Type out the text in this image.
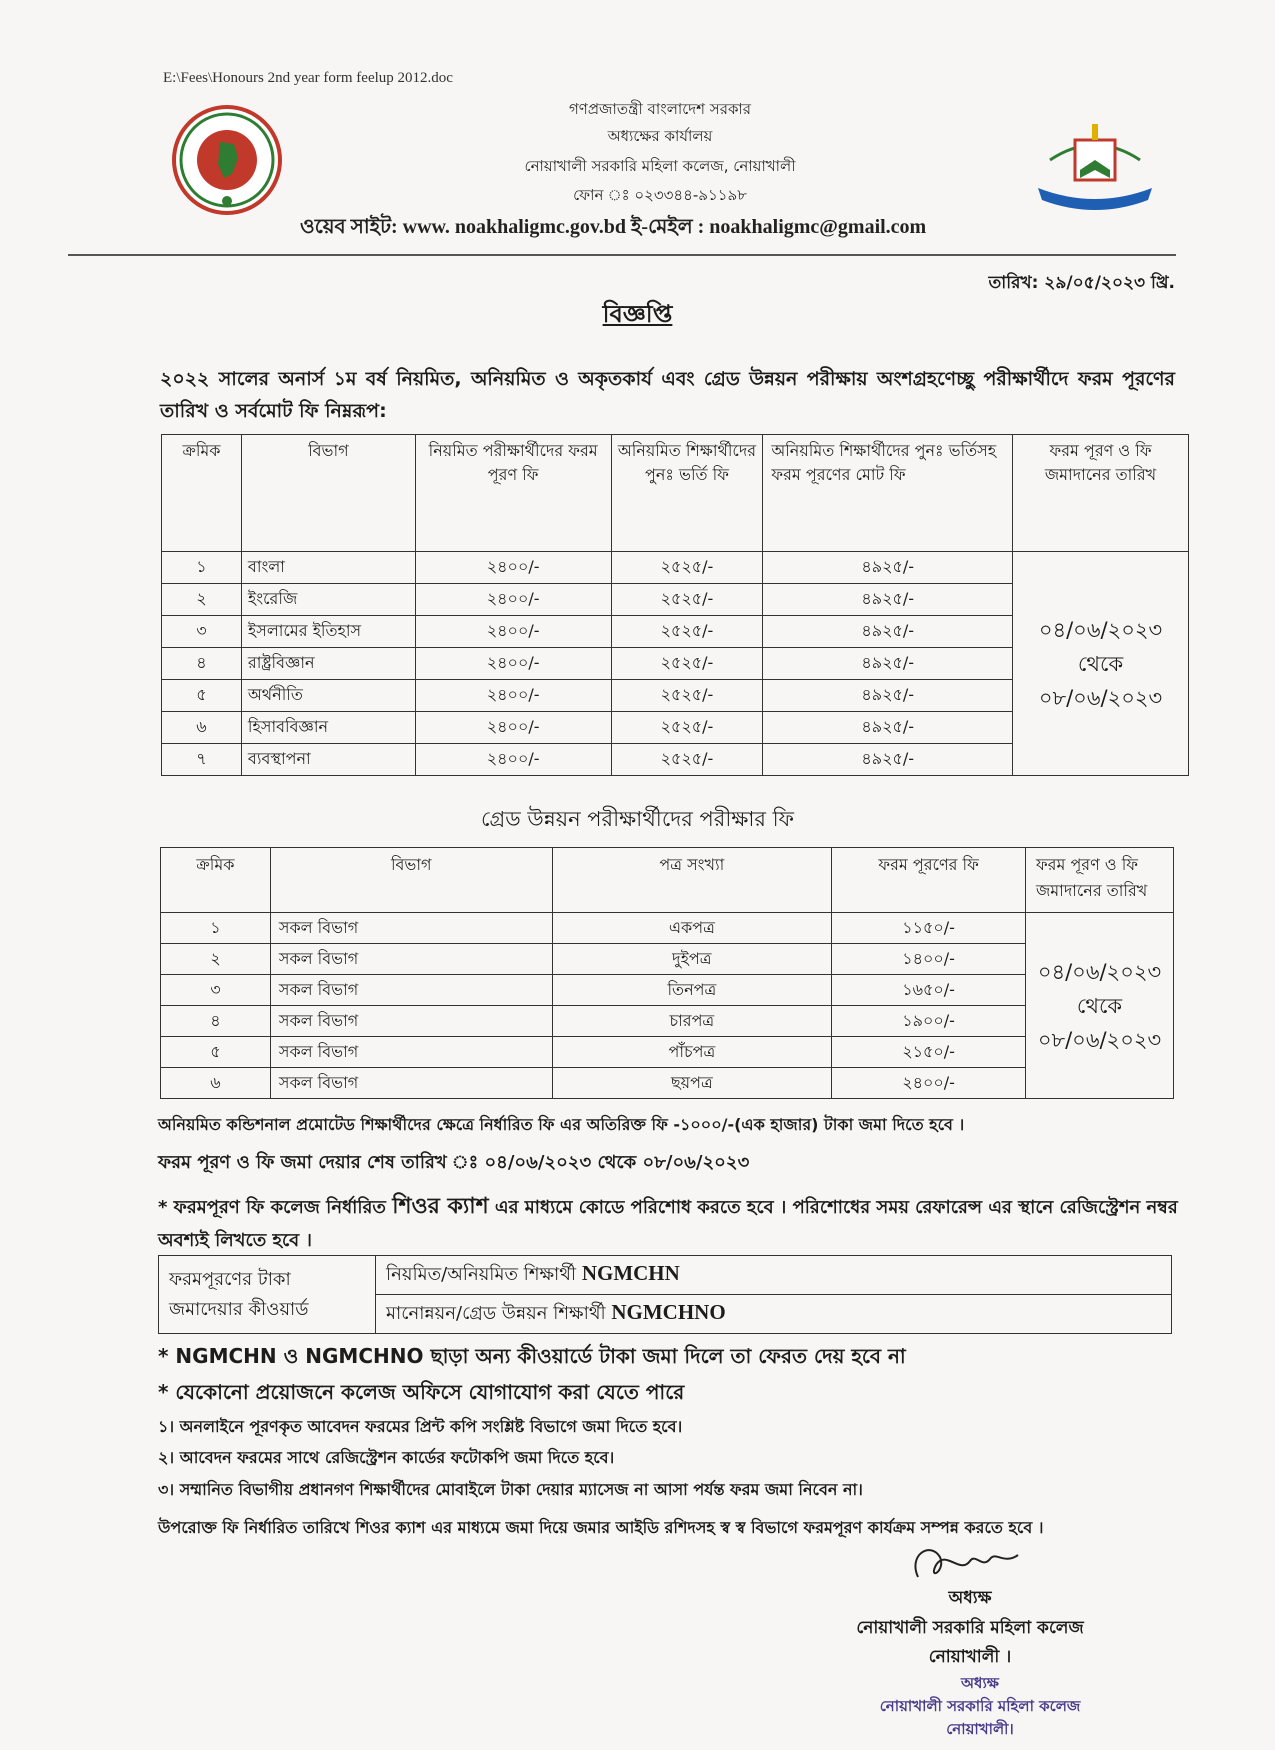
E:\Fees\Honours 2nd year form feelup 2012.doc
গণপ্রজাতন্ত্রী বাংলাদেশ সরকার
অধ্যক্ষের কার্যালয়
নোয়াখালী সরকারি মহিলা কলেজ, নোয়াখালী
ফোন ঃ ০২৩৩৪৪-৯১১৯৮
ওয়েব সাইট: www. noakhaligmc.gov.bd ই-মেইল : noakhaligmc@gmail.com
তারিখ: ২৯/০৫/২০২৩ খ্রি.
বিজ্ঞপ্তি
২০২২ সালের অনার্স ১ম বর্ষ নিয়মিত, অনিয়মিত ও অকৃতকার্য এবং গ্রেড উন্নয়ন পরীক্ষায় অংশগ্রহণেচ্ছু পরীক্ষার্থীদে ফরম পূরণের তারিখ ও সর্বমোট ফি নিম্নরূপ:
ক্রমিক	বিভাগ	নিয়মিত পরীক্ষার্থীদের ফরম পূরণ ফি	অনিয়মিত শিক্ষার্থীদের পুনঃ ভর্তি ফি	অনিয়মিত শিক্ষার্থীদের পুনঃ ভর্তিসহ ফরম পূরণের মোট ফি	ফরম পূরণ ও ফি জমাদানের তারিখ
১	বাংলা	২৪০০/-	২৫২৫/-	৪৯২৫/-	০৪/০৬/২০২৩
থেকে
০৮/০৬/২০২৩

২	ইংরেজি	২৪০০/-	২৫২৫/-	৪৯২৫/-	
৩	ইসলামের ইতিহাস	২৪০০/-	২৫২৫/-	৪৯২৫/-	
৪	রাষ্ট্রবিজ্ঞান	২৪০০/-	২৫২৫/-	৪৯২৫/-	
৫	অর্থনীতি	২৪০০/-	২৫২৫/-	৪৯২৫/-	
৬	হিসাববিজ্ঞান	২৪০০/-	২৫২৫/-	৪৯২৫/-	
৭	ব্যবস্থাপনা	২৪০০/-	২৫২৫/-	৪৯২৫/-	
গ্রেড উন্নয়ন পরীক্ষার্থীদের পরীক্ষার ফি
ক্রমিক	বিভাগ	পত্র সংখ্যা	ফরম পূরণের ফি	ফরম পূরণ ও ফি জমাদানের তারিখ
১	সকল বিভাগ	একপত্র	১১৫০/-	০৪/০৬/২০২৩
থেকে
০৮/০৬/২০২৩

২	সকল বিভাগ	দুইপত্র	১৪০০/-	
৩	সকল বিভাগ	তিনপত্র	১৬৫০/-	
৪	সকল বিভাগ	চারপত্র	১৯০০/-	
৫	সকল বিভাগ	পাঁচপত্র	২১৫০/-	
৬	সকল বিভাগ	ছয়পত্র	২৪০০/-	
অনিয়মিত কন্ডিশনাল প্রমোটেড শিক্ষার্থীদের ক্ষেত্রে নির্ধারিত ফি এর অতিরিক্ত ফি -১০০০/-(এক হাজার) টাকা জমা দিতে হবে ।
ফরম পূরণ ও ফি জমা দেয়ার শেষ তারিখ ঃ ০৪/০৬/২০২৩ থেকে ০৮/০৬/২০২৩
* ফরমপূরণ ফি কলেজ নির্ধারিত শিওর ক্যাশ এর মাধ্যমে কোডে পরিশোধ করতে হবে । পরিশোধের সময় রেফারেন্স এর স্থানে রেজিস্ট্রেশন নম্বর অবশ্যই লিখতে হবে ।
ফরমপূরণের টাকা জমাদেয়ার কীওয়ার্ড	নিয়মিত/অনিয়মিত শিক্ষার্থী NGMCHN
মানোন্নয়ন/গ্রেড উন্নয়ন শিক্ষার্থী NGMCHNO
* NGMCHN ও NGMCHNO ছাড়া অন্য কীওয়ার্ডে টাকা জমা দিলে তা ফেরত দেয় হবে না
* যেকোনো প্রয়োজনে কলেজ অফিসে যোগাযোগ করা যেতে পারে
১। অনলাইনে পূরণকৃত আবেদন ফরমের প্রিন্ট কপি সংশ্লিষ্ট বিভাগে জমা দিতে হবে।
২। আবেদন ফরমের সাথে রেজিস্ট্রেশন কার্ডের ফটোকপি জমা দিতে হবে।
৩। সম্মানিত বিভাগীয় প্রধানগণ শিক্ষার্থীদের মোবাইলে টাকা দেয়ার ম্যাসেজ না আসা পর্যন্ত ফরম জমা নিবেন না।
উপরোক্ত ফি নির্ধারিত তারিখে শিওর ক্যাশ এর মাধ্যমে জমা দিয়ে জমার আইডি রশিদসহ স্ব স্ব বিভাগে ফরমপূরণ কার্যক্রম সম্পন্ন করতে হবে ।
অধ্যক্ষ
নোয়াখালী সরকারি মহিলা কলেজ
নোয়াখালী ।
অধ্যক্ষ
নোয়াখালী সরকারি মহিলা কলেজ
নোয়াখালী।
